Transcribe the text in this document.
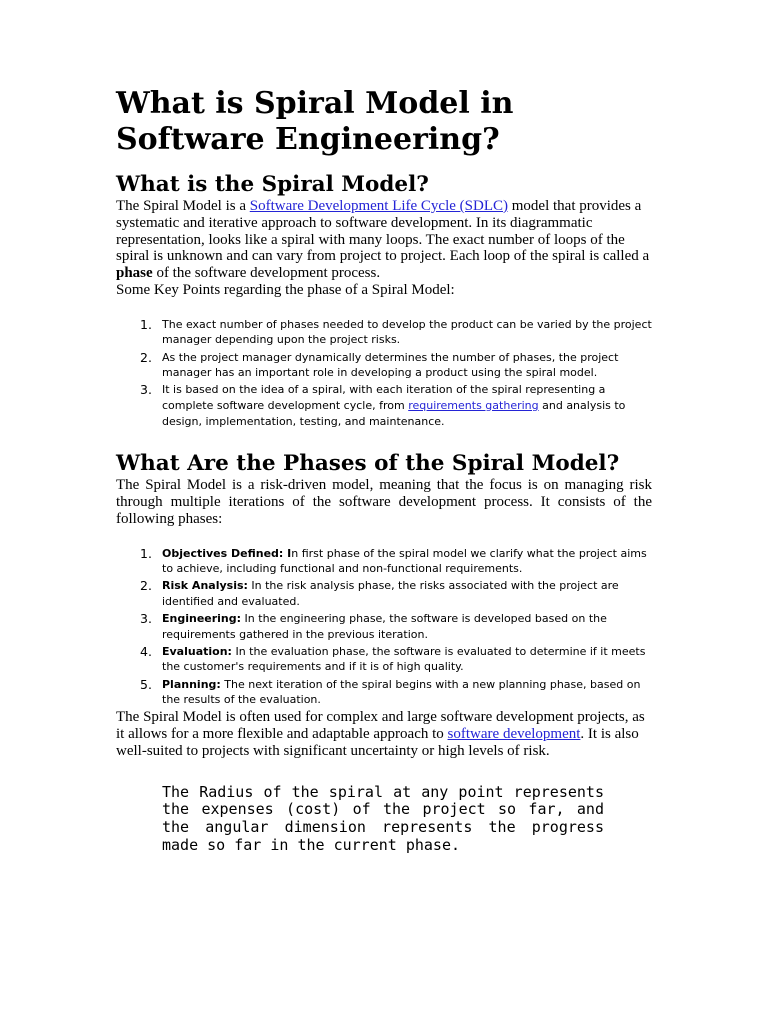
What is Spiral Model in Software Engineering?
What is the Spiral Model?

The Spiral Model is a Software Development Life Cycle (SDLC) model that provides a systematic and iterative approach to software development. In its diagrammatic representation, looks like a spiral with many loops. The exact number of loops of the spiral is unknown and can vary from project to project. Each loop of the spiral is called a phase of the software development process.

Some Key Points regarding the phase of a Spiral Model:

1. The exact number of phases needed to develop the product can be varied by the project manager depending upon the project risks.
2. As the project manager dynamically determines the number of phases, the project manager has an important role in developing a product using the spiral model.
3. It is based on the idea of a spiral, with each iteration of the spiral representing a complete software development cycle, from requirements gathering and analysis to design, implementation, testing, and maintenance.
What Are the Phases of the Spiral Model?

The Spiral Model is a risk-driven model, meaning that the focus is on managing risk through multiple iterations of the software development process. It consists of the following phases:

1. Objectives Defined: In first phase of the spiral model we clarify what the project aims to achieve, including functional and non-functional requirements.
2. Risk Analysis: In the risk analysis phase, the risks associated with the project are identified and evaluated.
3. Engineering: In the engineering phase, the software is developed based on the requirements gathered in the previous iteration.
4. Evaluation: In the evaluation phase, the software is evaluated to determine if it meets the customer's requirements and if it is of high quality.
5. Planning: The next iteration of the spiral begins with a new planning phase, based on the results of the evaluation.

The Spiral Model is often used for complex and large software development projects, as it allows for a more flexible and adaptable approach to software development. It is also well-suited to projects with significant uncertainty or high levels of risk.

The Radius of the spiral at any point represents the expenses (cost) of the project so far, and the angular dimension represents the progress made so far in the current phase.
